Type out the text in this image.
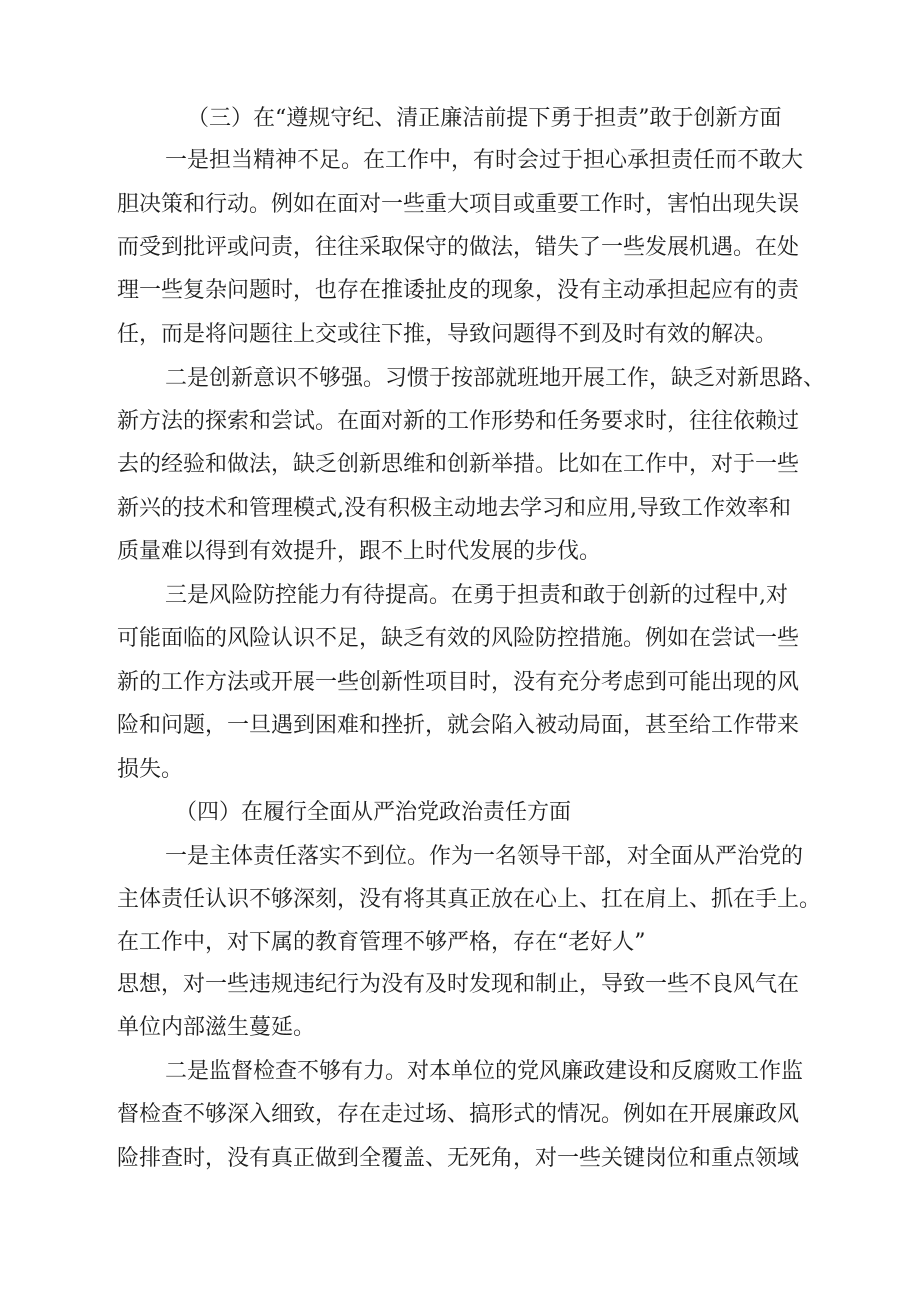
（三）在“遵规守纪、清正廉洁前提下勇于担责”敢于创新方面

一是担当精神不足。在工作中，有时会过于担心承担责任而不敢大

胆决策和行动。例如在面对一些重大项目或重要工作时，害怕出现失误

而受到批评或问责，往往采取保守的做法，错失了一些发展机遇。在处

理一些复杂问题时，也存在推诿扯皮的现象，没有主动承担起应有的责

任，而是将问题往上交或往下推，导致问题得不到及时有效的解决。

二是创新意识不够强。习惯于按部就班地开展工作，缺乏对新思路、

新方法的探索和尝试。在面对新的工作形势和任务要求时，往往依赖过

去的经验和做法，缺乏创新思维和创新举措。比如在工作中，对于一些

新兴的技术和管理模式,没有积极主动地去学习和应用,导致工作效率和

质量难以得到有效提升，跟不上时代发展的步伐。

三是风险防控能力有待提高。在勇于担责和敢于创新的过程中,对

可能面临的风险认识不足，缺乏有效的风险防控措施。例如在尝试一些

新的工作方法或开展一些创新性项目时，没有充分考虑到可能出现的风

险和问题，一旦遇到困难和挫折，就会陷入被动局面，甚至给工作带来

损失。

（四）在履行全面从严治党政治责任方面

一是主体责任落实不到位。作为一名领导干部，对全面从严治党的

主体责任认识不够深刻，没有将其真正放在心上、扛在肩上、抓在手上。

在工作中，对下属的教育管理不够严格，存在“老好人”

思想，对一些违规违纪行为没有及时发现和制止，导致一些不良风气在

单位内部滋生蔓延。

二是监督检查不够有力。对本单位的党风廉政建设和反腐败工作监

督检查不够深入细致，存在走过场、搞形式的情况。例如在开展廉政风

险排查时，没有真正做到全覆盖、无死角，对一些关键岗位和重点领域
